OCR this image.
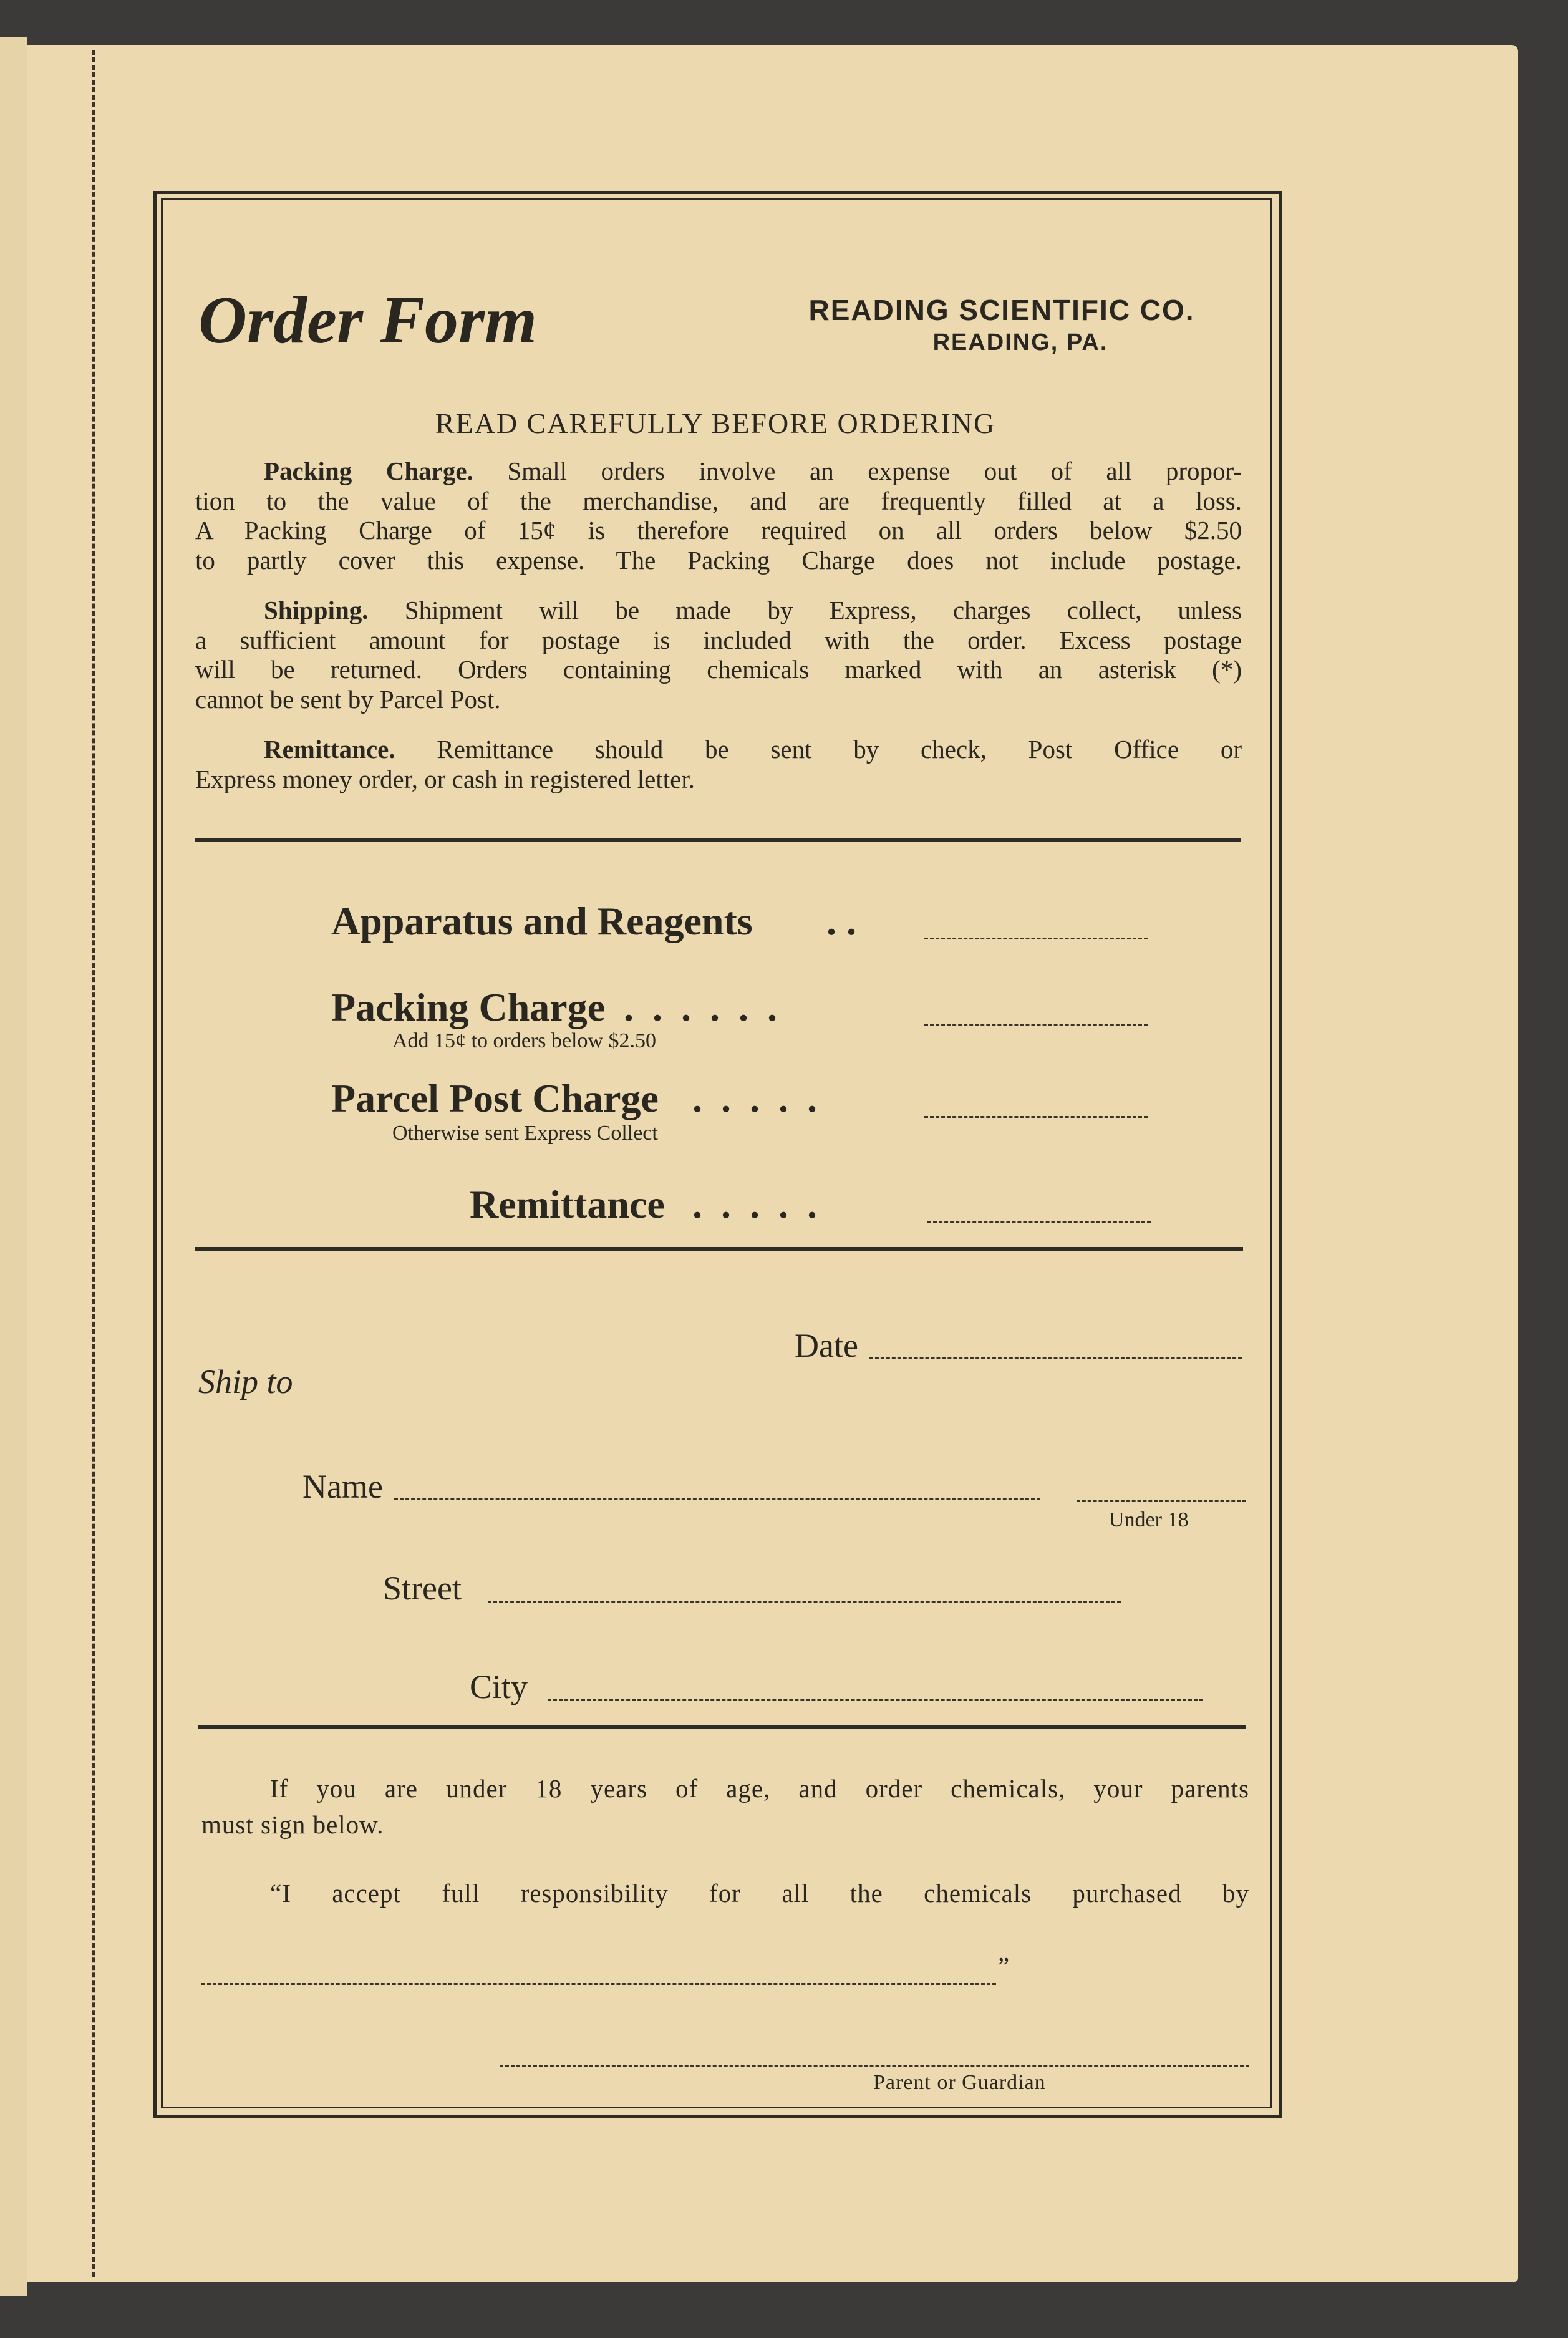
Order Form	READING SCIENTIFIC CO.
READING, PA.
READ CAREFULLY BEFORE ORDERING
Packing Charge. Small orders involve an expense out of all propor-
tion to the value of the merchandise, and are frequently filled at a loss.
A Packing Charge of 15¢ is therefore required on all orders below $2.50
to partly cover this expense. The Packing Charge does not include postage.
Shipping. Shipment will be made by Express, charges collect, unless
a sufficient amount for postage is included with the order. Excess postage
will be returned. Orders containing chemicals marked with an asterisk (*)
cannot be sent by Parcel Post.
Remittance. Remittance should be sent by check, Post Office or
Express money order, or cash in registered letter.
Apparatus and Reagents . .
Packing Charge . . . . . .
Add 15¢ to orders below $2.50
Parcel Post Charge . . . . .
Otherwise sent Express Collect
Remittance . . . . .
Date
Ship to
Name
Under 18
Street
City
If you are under 18 years of age, and order chemicals, your parents
must sign below.
“I accept full responsibility for all the chemicals purchased by
”
Parent or Guardian
